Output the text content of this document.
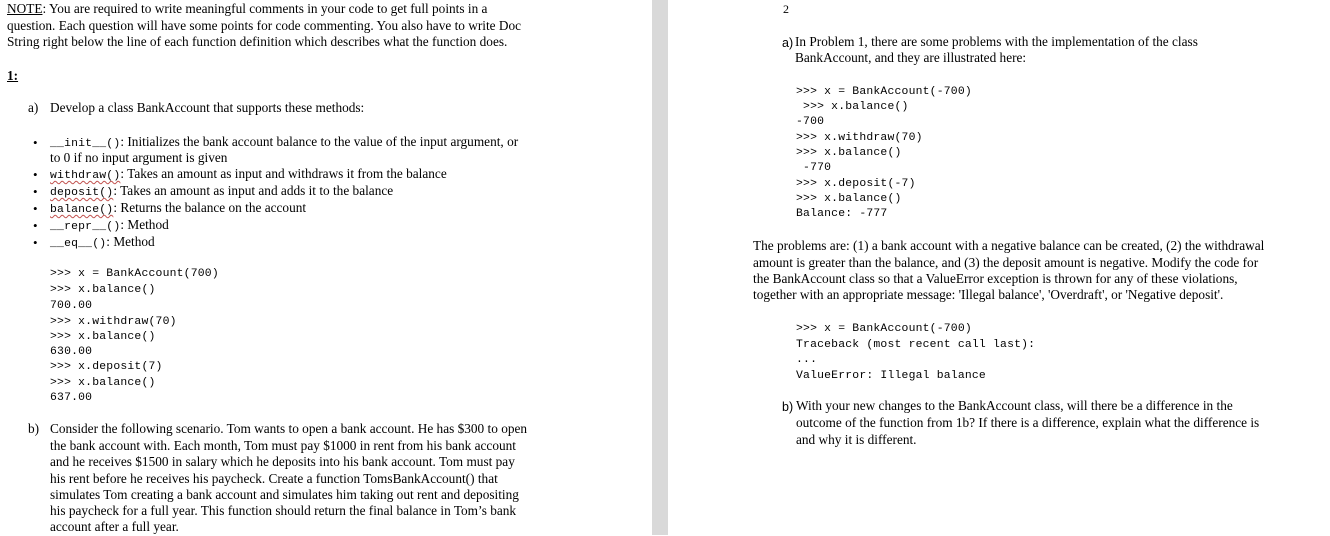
NOTE: You are required to write meaningful comments in your code to get full points in a
question. Each question will have some points for code commenting. You also have to write Doc
String right below the line of each function definition which describes what the function does.
1:
a) Develop a class BankAccount that supports these methods:
• __init__(): Initializes the bank account balance to the value of the input argument, or
to 0 if no input argument is given
• withdraw(): Takes an amount as input and withdraws it from the balance
• deposit(): Takes an amount as input and adds it to the balance
• balance(): Returns the balance on the account
• __repr__(): Method
• __eq__(): Method
>>> x = BankAccount(700)
>>> x.balance()
700.00
>>> x.withdraw(70)
>>> x.balance()
630.00
>>> x.deposit(7)
>>> x.balance()
637.00
b) Consider the following scenario. Tom wants to open a bank account. He has $300 to open
the bank account with. Each month, Tom must pay $1000 in rent from his bank account
and he receives $1500 in salary which he deposits into his bank account. Tom must pay
his rent before he receives his paycheck. Create a function TomsBankAccount() that
simulates Tom creating a bank account and simulates him taking out rent and depositing
his paycheck for a full year. This function should return the final balance in Tom’s bank
account after a full year.
2
a) In Problem 1, there are some problems with the implementation of the class
BankAccount, and they are illustrated here:
>>> x = BankAccount(-700)
>>> x.balance()
-700
>>> x.withdraw(70)
>>> x.balance()
-770
>>> x.deposit(-7)
>>> x.balance()
Balance: -777
The problems are: (1) a bank account with a negative balance can be created, (2) the withdrawal
amount is greater than the balance, and (3) the deposit amount is negative. Modify the code for
the BankAccount class so that a ValueError exception is thrown for any of these violations,
together with an appropriate message: 'Illegal balance', 'Overdraft', or 'Negative deposit'.
>>> x = BankAccount(-700)
Traceback (most recent call last):
...
ValueError: Illegal balance
b) With your new changes to the BankAccount class, will there be a difference in the
outcome of the function from 1b? If there is a difference, explain what the difference is
and why it is different.
